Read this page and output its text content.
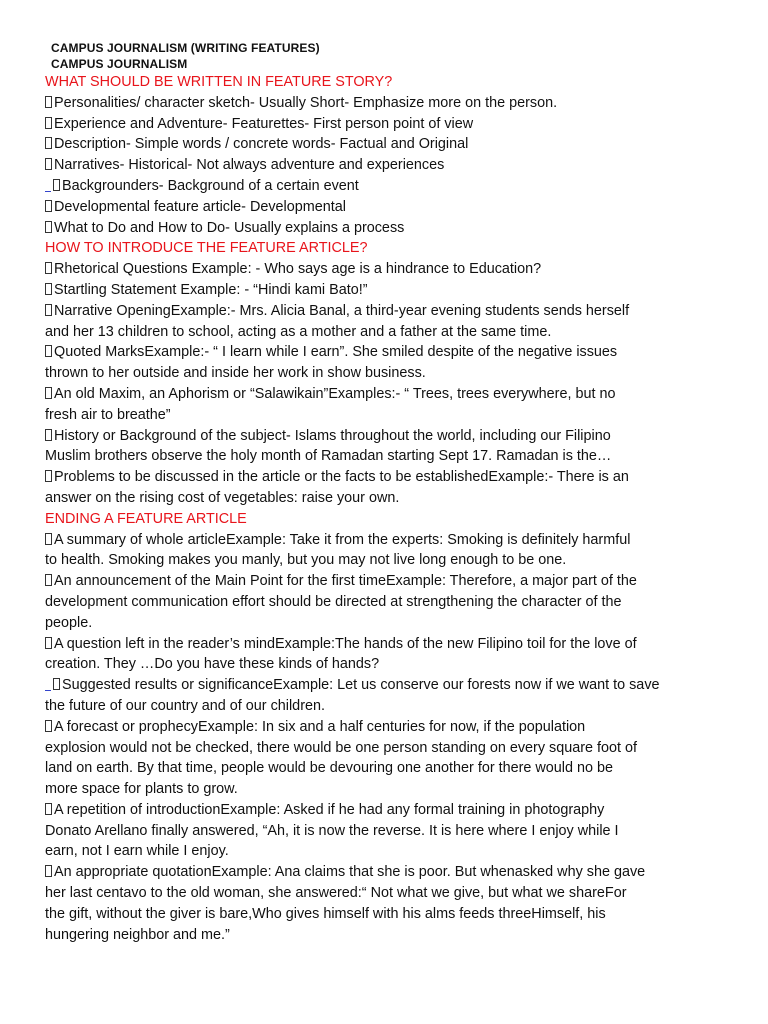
CAMPUS JOURNALISM (WRITING FEATURES)
CAMPUS JOURNALISM
WHAT SHOULD BE WRITTEN IN FEATURE STORY?
Personalities/ character sketch- Usually Short- Emphasize more on the person.
Experience and Adventure- Featurettes- First person point of view
Description- Simple words / concrete words- Factual and Original
Narratives- Historical- Not always adventure and experiences
Backgrounders- Background of a certain event
Developmental feature article- Developmental
What to Do and How to Do- Usually explains a process
HOW TO INTRODUCE THE FEATURE ARTICLE?
Rhetorical Questions Example: - Who says age is a hindrance to Education?
Startling Statement Example: - “Hindi kami Bato!”
Narrative OpeningExample:- Mrs. Alicia Banal, a third-year evening students sends herself
and her 13 children to school, acting as a mother and a father at the same time.
Quoted MarksExample:- “ I learn while I earn”. She smiled despite of the negative issues
thrown to her outside and inside her work in show business.
An old Maxim, an Aphorism or “Salawikain”Examples:- “ Trees, trees everywhere, but no
fresh air to breathe”
History or Background of the subject- Islams throughout the world, including our Filipino
Muslim brothers observe the holy month of Ramadan starting Sept 17. Ramadan is the…
Problems to be discussed in the article or the facts to be establishedExample:- There is an
answer on the rising cost of vegetables: raise your own.
ENDING A FEATURE ARTICLE
A summary of whole articleExample: Take it from the experts: Smoking is definitely harmful
to health. Smoking makes you manly, but you may not live long enough to be one.
An announcement of the Main Point for the first timeExample: Therefore, a major part of the
development communication effort should be directed at strengthening the character of the
people.
A question left in the reader’s mindExample:The hands of the new Filipino toil for the love of
creation. They …Do you have these kinds of hands?
Suggested results or significanceExample: Let us conserve our forests now if we want to save
the future of our country and of our children.
A forecast or prophecyExample: In six and a half centuries for now, if the population
explosion would not be checked, there would be one person standing on every square foot of
land on earth. By that time, people would be devouring one another for there would no be
more space for plants to grow.
A repetition of introductionExample: Asked if he had any formal training in photography
Donato Arellano finally answered, “Ah, it is now the reverse. It is here where I enjoy while I
earn, not I earn while I enjoy.
An appropriate quotationExample: Ana claims that she is poor. But whenasked why she gave
her last centavo to the old woman, she answered:“ Not what we give, but what we shareFor
the gift, without the giver is bare,Who gives himself with his alms feeds threeHimself, his
hungering neighbor and me.”
